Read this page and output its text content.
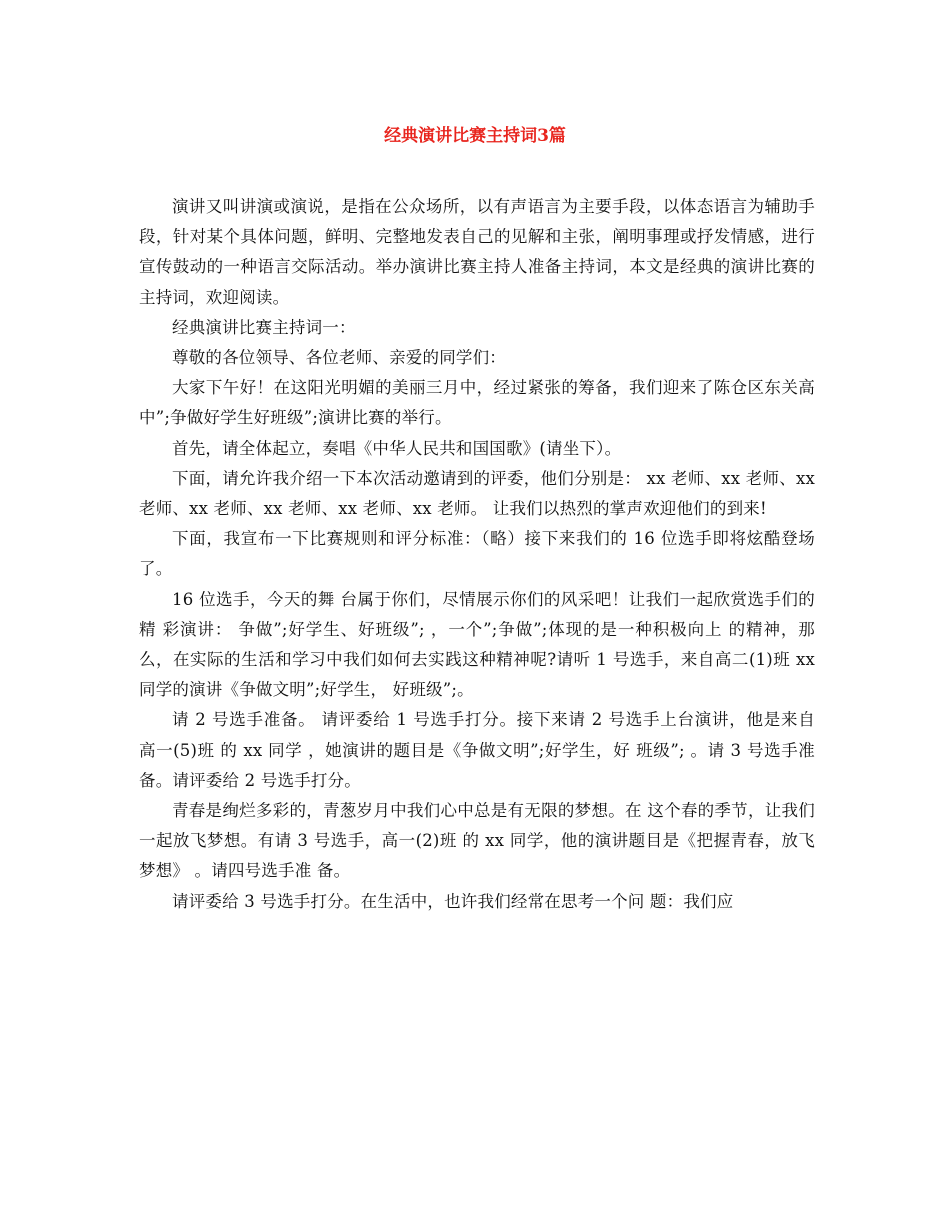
经典演讲比赛主持词3篇

演讲又叫讲演或演说，是指在公众场所，以有声语言为主要手段，以体态语言为辅助手段，针对某个具体问题，鲜明、完整地发表自己的见解和主张，阐明事理或抒发情感，进行宣传鼓动的一种语言交际活动。举办演讲比赛主持人准备主持词，本文是经典的演讲比赛的主持词，欢迎阅读。

经典演讲比赛主持词一：

尊敬的各位领导、各位老师、亲爱的同学们：

大家下午好！在这阳光明媚的美丽三月中，经过紧张的筹备，我们迎来了陈仓区东关高中”;争做好学生好班级”;演讲比赛的举行。

首先，请全体起立，奏唱《中华人民共和国国歌》(请坐下）。

下面，请允许我介绍一下本次活动邀请到的评委，他们分别是： xx 老师、xx 老师、xx 老师、xx 老师、xx 老师、xx 老师、xx 老师。 让我们以热烈的掌声欢迎他们的到来!

下面，我宣布一下比赛规则和评分标准：（略）接下来我们的 16 位选手即将炫酷登场了。

16 位选手，今天的舞 台属于你们，尽情展示你们的风采吧！让我们一起欣赏选手们的精 彩演讲： 争做”;好学生、好班级”; ，一个”;争做”;体现的是一种积极向上 的精神，那么，在实际的生活和学习中我们如何去实践这种精神呢?请听 1 号选手，来自高二(1)班 xx 同学的演讲《争做文明”;好学生， 好班级”;。

请 2 号选手准备。 请评委给 1 号选手打分。接下来请 2 号选手上台演讲，他是来自 高一(5)班 的 xx 同学 ，她演讲的题目是《争做文明”;好学生，好 班级”; 。请 3 号选手准备。请评委给 2 号选手打分。

青春是绚烂多彩的，青葱岁月中我们心中总是有无限的梦想。在 这个春的季节，让我们一起放飞梦想。有请 3 号选手，高一(2)班 的 xx 同学，他的演讲题目是《把握青春，放飞梦想》 。请四号选手准 备。

请评委给 3 号选手打分。在生活中，也许我们经常在思考一个问 题：我们应
